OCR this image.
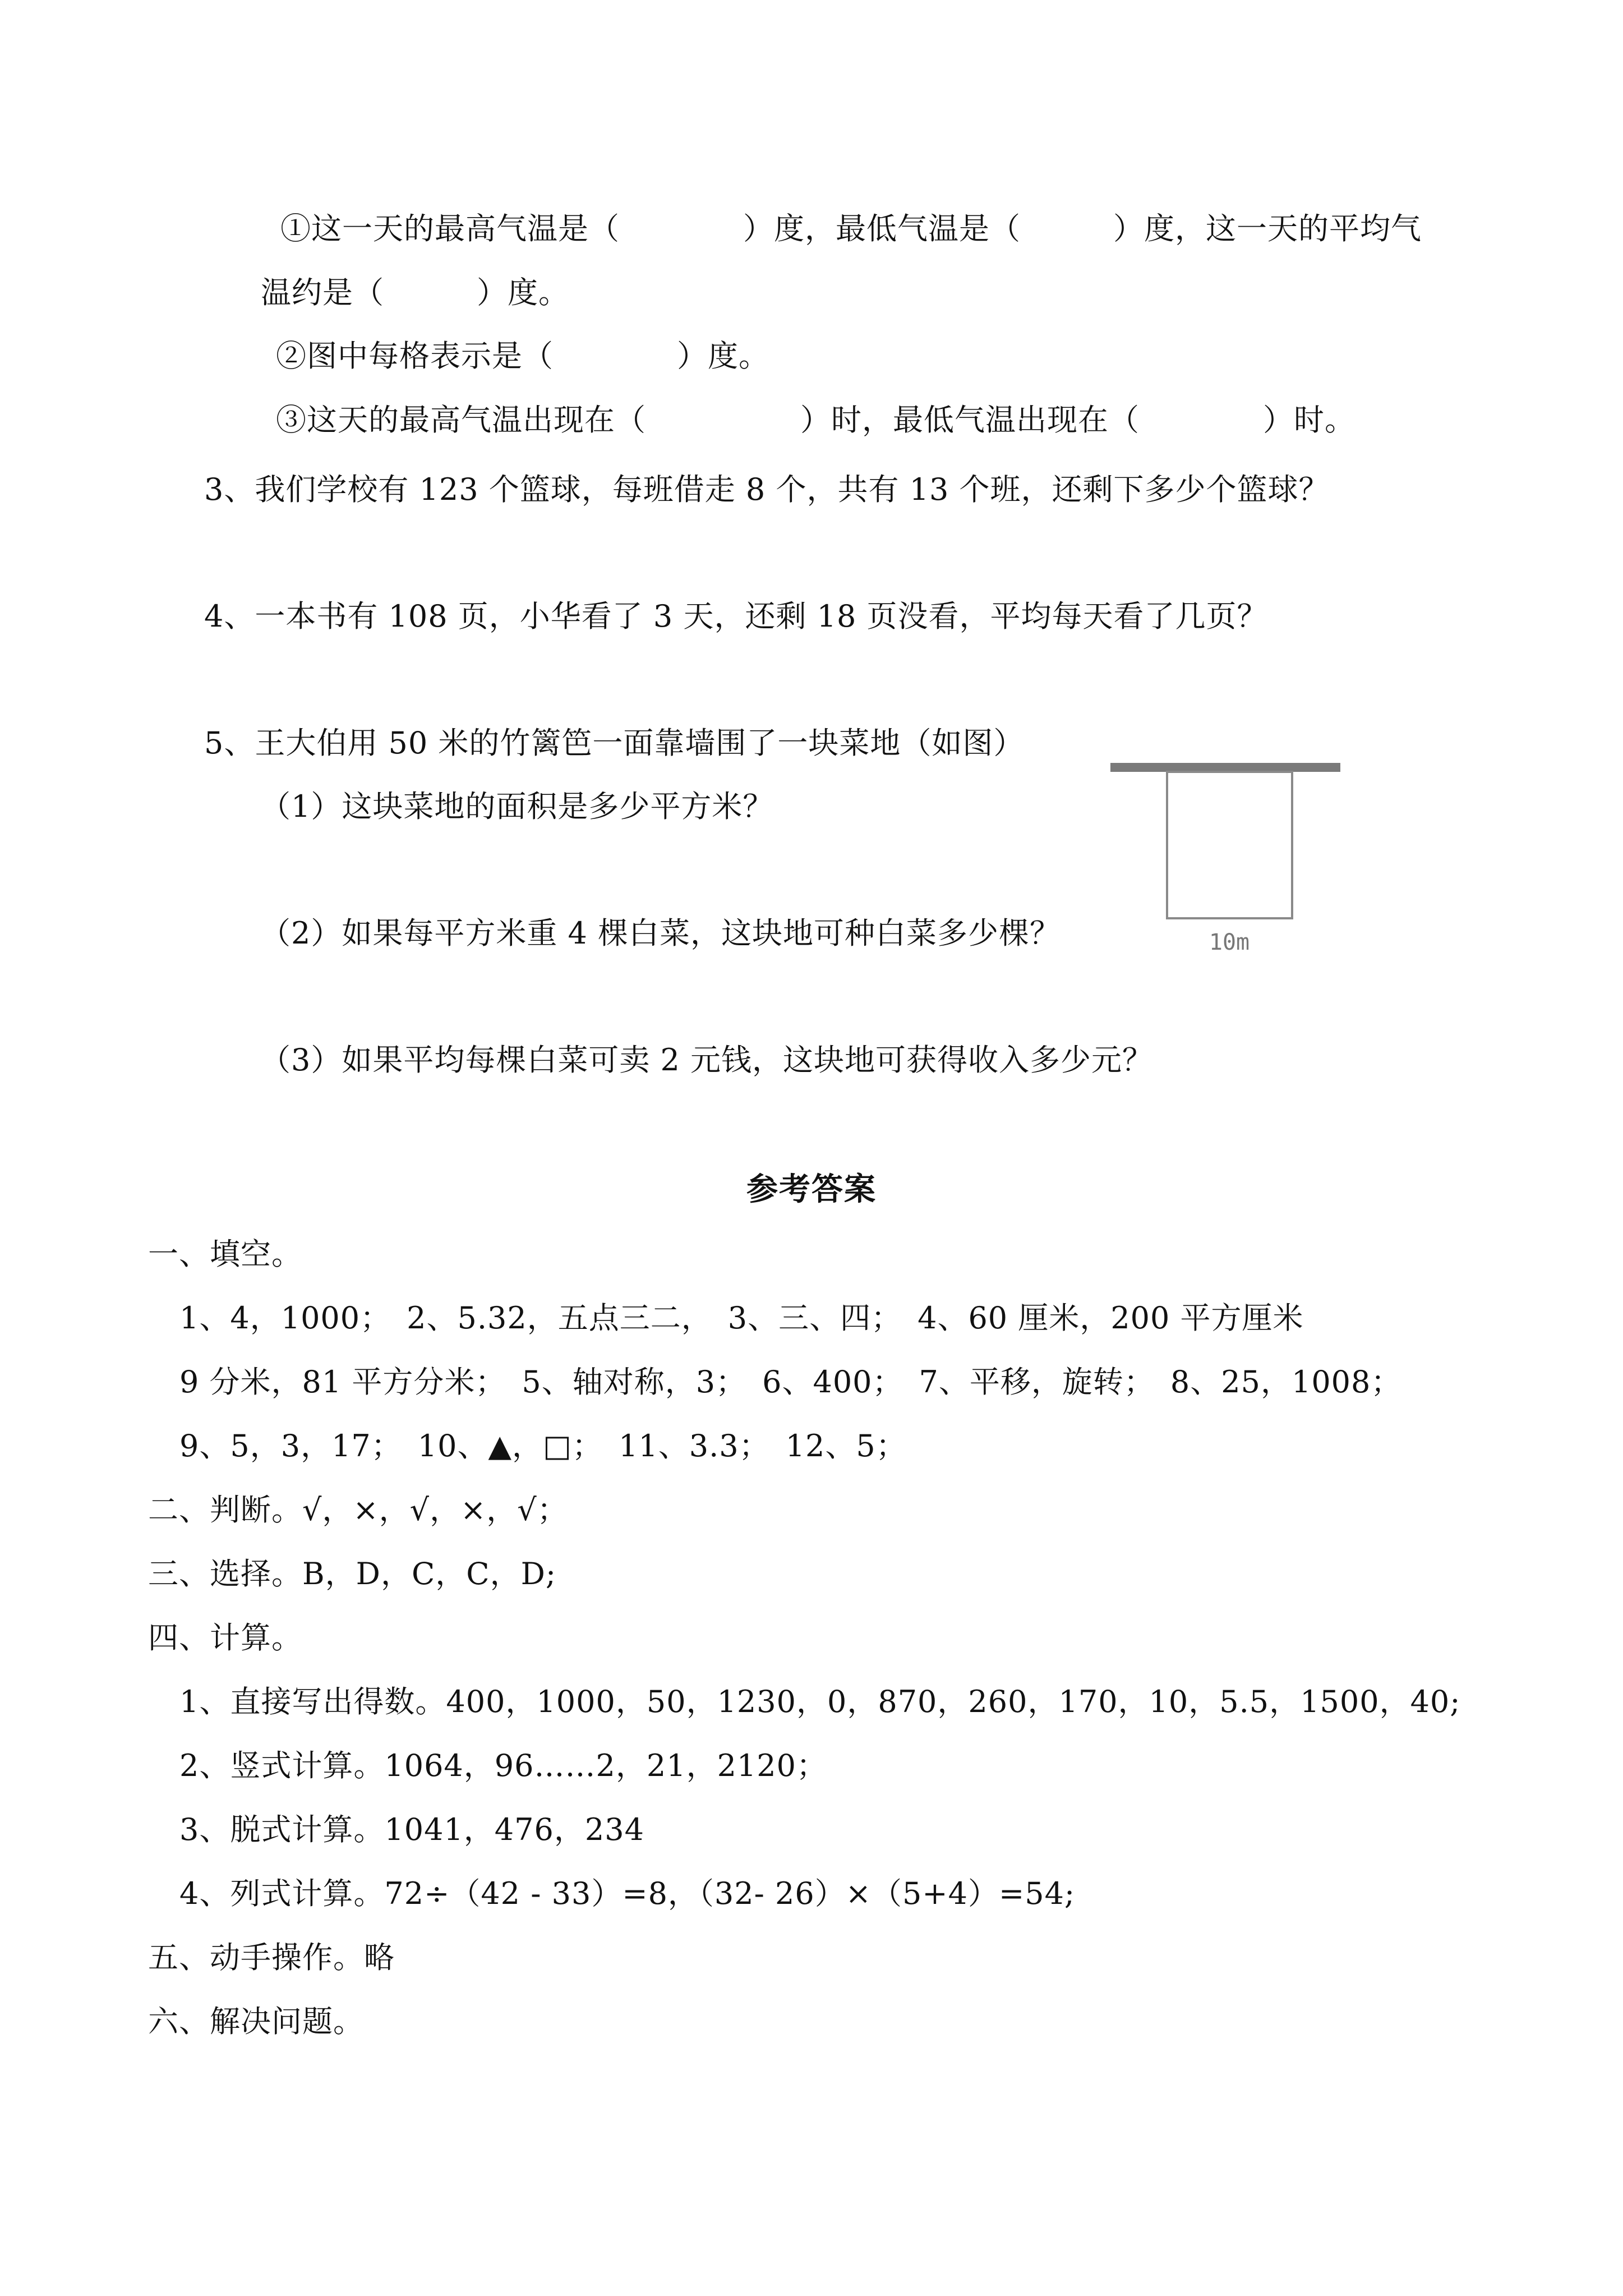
①这一天的最高气温是（　　　　）度，最低气温是（　　　）度，这一天的平均气
温约是（　　　）度。
②图中每格表示是（　　　　）度。
③这天的最高气温出现在（　　　　　）时，最低气温出现在（　　　　）时。
3、我们学校有 123 个篮球，每班借走 8 个，共有 13 个班，还剩下多少个篮球？
4、一本书有 108 页，小华看了 3 天，还剩 18 页没看，平均每天看了几页？
5、王大伯用 50 米的竹篱笆一面靠墙围了一块菜地（如图）
（1）这块菜地的面积是多少平方米？
（2）如果每平方米重 4 棵白菜，这块地可种白菜多少棵？
（3）如果平均每棵白菜可卖 2 元钱，这块地可获得收入多少元？
10m
参考答案
一、填空。
1、4，1000；　2、5.32，五点三二，　3、三、四；　4、60 厘米，200 平方厘米
9 分米，81 平方分米；　5、轴对称，3；　6、400；　7、平移，旋转；　8、25，1008；
9、5，3，17；　10、▲，□；　11、3.3；　12、5；
二、判断。√，×，√，×，√；
三、选择。B，D，C，C，D;
四、计算。
1、直接写出得数。400，1000，50，1230，0，870，260，170，10，5.5，1500，40;
2、竖式计算。1064，96……2，21，2120；
3、脱式计算。1041，476，234
4、列式计算。72÷（42 - 33）=8，（32- 26）×（5+4）=54;
五、动手操作。略
六、解决问题。
